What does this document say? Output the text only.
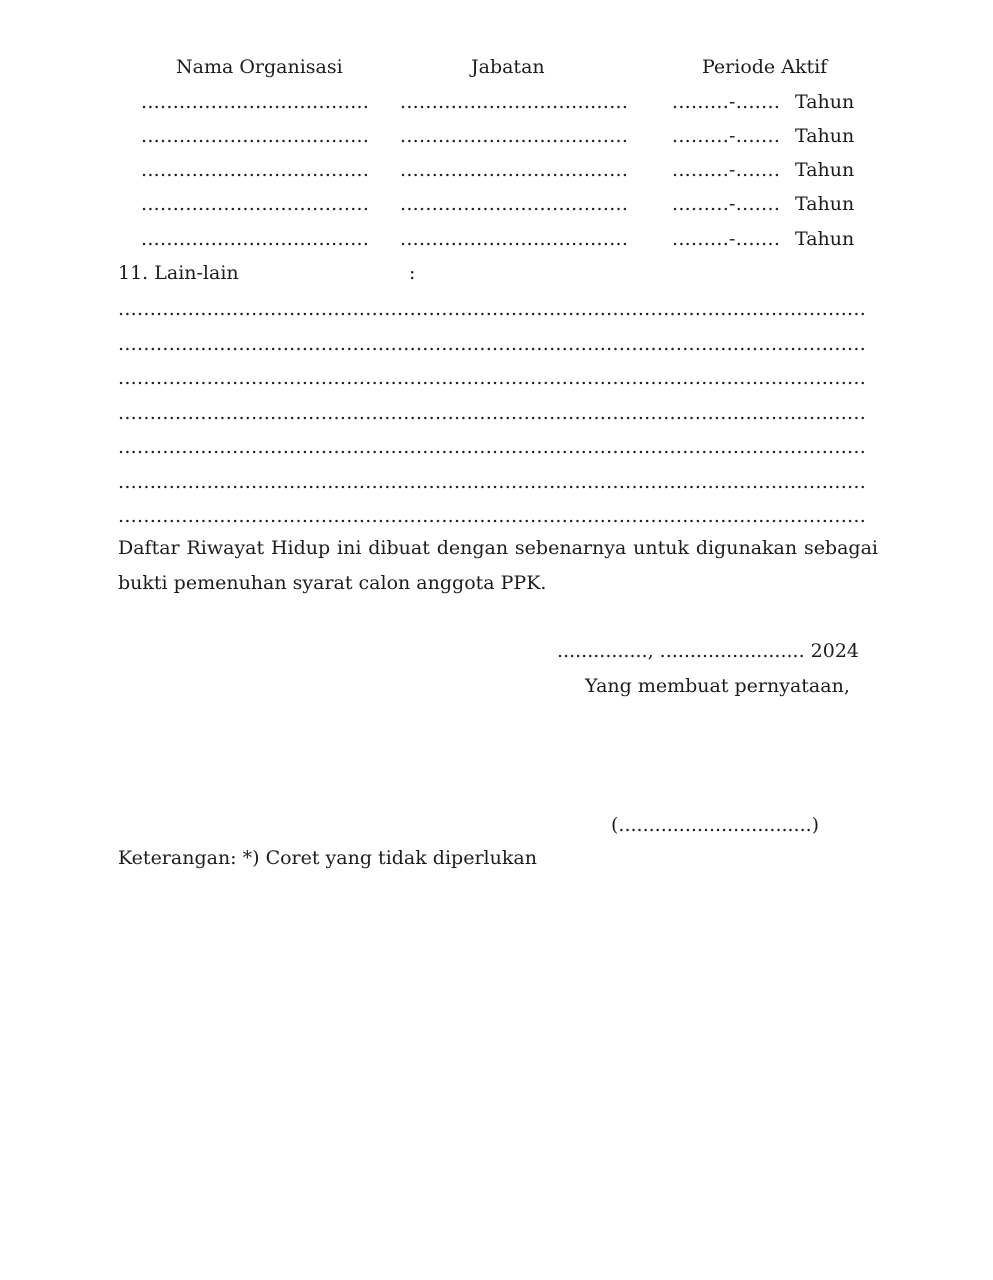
Nama Organisasi	Jabatan	Periode Aktif
.................................... .................................... .........-....... Tahun
.................................... .................................... .........-....... Tahun
.................................... .................................... .........-....... Tahun
.................................... .................................... .........-....... Tahun
.................................... .................................... .........-....... Tahun
11. Lain-lain	:
......................................................................................................................
......................................................................................................................
......................................................................................................................
......................................................................................................................
......................................................................................................................
......................................................................................................................
......................................................................................................................
Daftar Riwayat Hidup ini dibuat dengan sebenarnya untuk digunakan sebagai bukti pemenuhan syarat calon anggota PPK.
..............., ........................ 2024
Yang membuat pernyataan,
(................................)
Keterangan: *) Coret yang tidak diperlukan
